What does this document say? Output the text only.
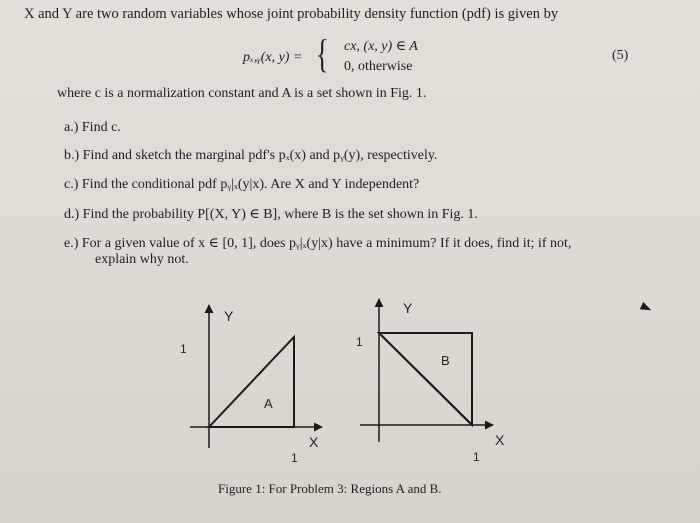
X and Y are two random variables whose joint probability density function (pdf) is given by
pₓ,ᵧ(x, y) = { cx, (x, y) ∈ A
0, otherwise
(5)
where c is a normalization constant and A is a set shown in Fig. 1.
a.) Find c.
b.) Find and sketch the marginal pdf's pₓ(x) and pᵧ(y), respectively.
c.) Find the conditional pdf pᵧ|ₓ(y|x). Are X and Y independent?
d.) Find the probability P[(X, Y) ∈ B], where B is the set shown in Fig. 1.
e.) For a given value of x ∈ [0, 1], does pᵧ|ₓ(y|x) have a minimum? If it does, find it; if not,
explain why not.
Y
X
1
1
A
Y
X
1
1
B
Figure 1: For Problem 3: Regions A and B.
